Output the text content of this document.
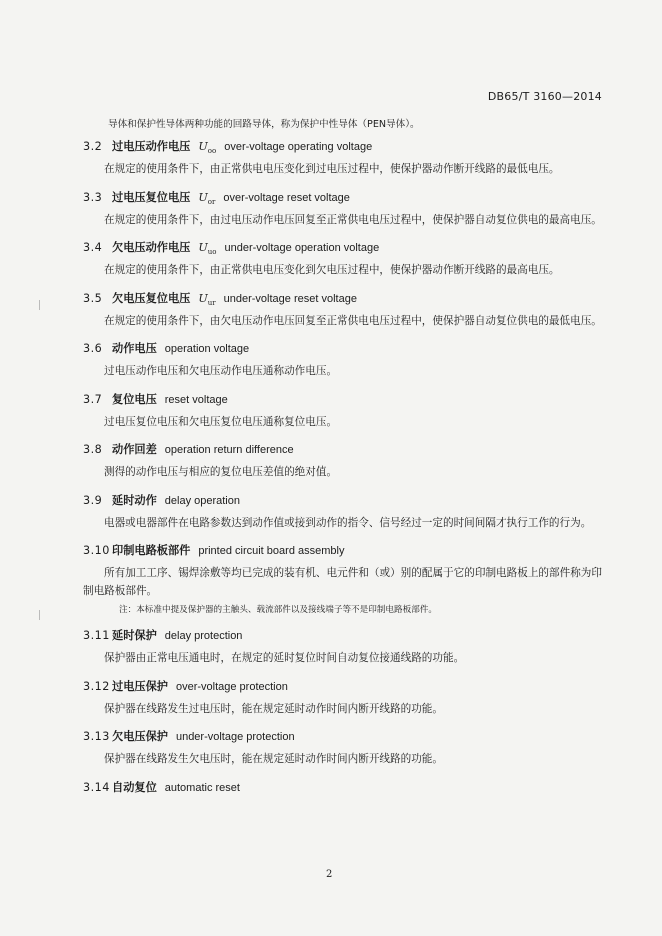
DB65/T 3160—2014
导体和保护性导体两种功能的回路导体，称为保护中性导体（PEN导体）。
3.2 过电压动作电压 $U_{oo}$ over-voltage operating voltage
在规定的使用条件下，由正常供电电压变化到过电压过程中，使保护器动作断开线路的最低电压。
3.3 过电压复位电压 $U_{or}$ over-voltage reset voltage
在规定的使用条件下，由过电压动作电压回复至正常供电电压过程中，使保护器自动复位供电的最高电压。
3.4 欠电压动作电压 $U_{uo}$ under-voltage operation voltage
在规定的使用条件下，由正常供电电压变化到欠电压过程中，使保护器动作断开线路的最高电压。
3.5 欠电压复位电压 $U_{ur}$ under-voltage reset voltage
在规定的使用条件下，由欠电压动作电压回复至正常供电电压过程中，使保护器自动复位供电的最低电压。
3.6 动作电压 operation voltage
过电压动作电压和欠电压动作电压通称动作电压。
3.7 复位电压 reset voltage
过电压复位电压和欠电压复位电压通称复位电压。
3.8 动作回差 operation return difference
测得的动作电压与相应的复位电压差值的绝对值。
3.9 延时动作 delay operation
电器或电器部件在电路参数达到动作值或接到动作的指令、信号经过一定的时间间隔才执行工作的行为。
3.10 印制电路板部件 printed circuit board assembly
所有加工工序、锡焊涂敷等均已完成的装有机、电元件和（或）别的配属于它的印制电路板上的部件称为印制电路板部件。
注：本标准中提及保护器的主触头、载流部件以及接线端子等不是印制电路板部件。
3.11 延时保护 delay protection
保护器由正常电压通电时，在规定的延时复位时间自动复位接通线路的功能。
3.12 过电压保护 over-voltage protection
保护器在线路发生过电压时，能在规定延时动作时间内断开线路的功能。
3.13 欠电压保护 under-voltage protection
保护器在线路发生欠电压时，能在规定延时动作时间内断开线路的功能。
3.14 自动复位 automatic reset
2
